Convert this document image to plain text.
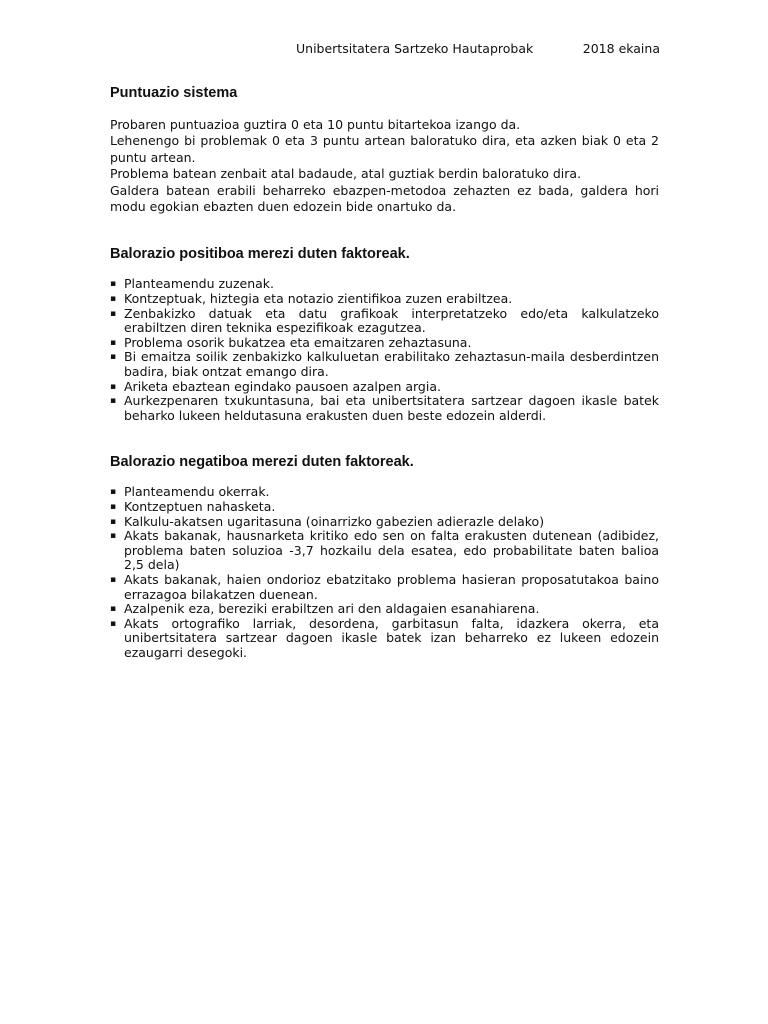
Unibertsitatera Sartzeko Hautaprobak	2018 ekaina
Puntuazio sistema

Probaren puntuazioa guztira 0 eta 10 puntu bitartekoa izango da.

Lehenengo bi problemak 0 eta 3 puntu artean baloratuko dira, eta azken biak 0 eta 2 puntu artean.

Problema batean zenbait atal badaude, atal guztiak berdin baloratuko dira.

Galdera batean erabili beharreko ebazpen-metodoa zehazten ez bada, galdera hori modu egokian ebazten duen edozein bide onartuko da.

Balorazio positiboa merezi duten faktoreak.
▪ Planteamendu zuzenak.
▪ Kontzeptuak, hiztegia eta notazio zientifikoa zuzen erabiltzea.
▪ Zenbakizko datuak eta datu grafikoak interpretatzeko edo/eta kalkulatzeko erabiltzen diren teknika espezifikoak ezagutzea.
▪ Problema osorik bukatzea eta emaitzaren zehaztasuna.
▪ Bi emaitza soilik zenbakizko kalkuluetan erabilitako zehaztasun-maila desberdintzen badira, biak ontzat emango dira.
▪ Ariketa ebaztean egindako pausoen azalpen argia.
▪ Aurkezpenaren txukuntasuna, bai eta unibertsitatera sartzear dagoen ikasle batek beharko lukeen heldutasuna erakusten duen beste edozein alderdi.
Balorazio negatiboa merezi duten faktoreak.
▪ Planteamendu okerrak.
▪ Kontzeptuen nahasketa.
▪ Kalkulu-akatsen ugaritasuna (oinarrizko gabezien adierazle delako)
▪ Akats bakanak, hausnarketa kritiko edo sen on falta erakusten dutenean (adibidez, problema baten soluzioa -3,7 hozkailu dela esatea, edo probabilitate baten balioa 2,5 dela)
▪ Akats bakanak, haien ondorioz ebatzitako problema hasieran proposatutakoa baino errazagoa bilakatzen duenean.
▪ Azalpenik eza, bereziki erabiltzen ari den aldagaien esanahiarena.
▪ Akats ortografiko larriak, desordena, garbitasun falta, idazkera okerra, eta unibertsitatera sartzear dagoen ikasle batek izan beharreko ez lukeen edozein ezaugarri desegoki.
